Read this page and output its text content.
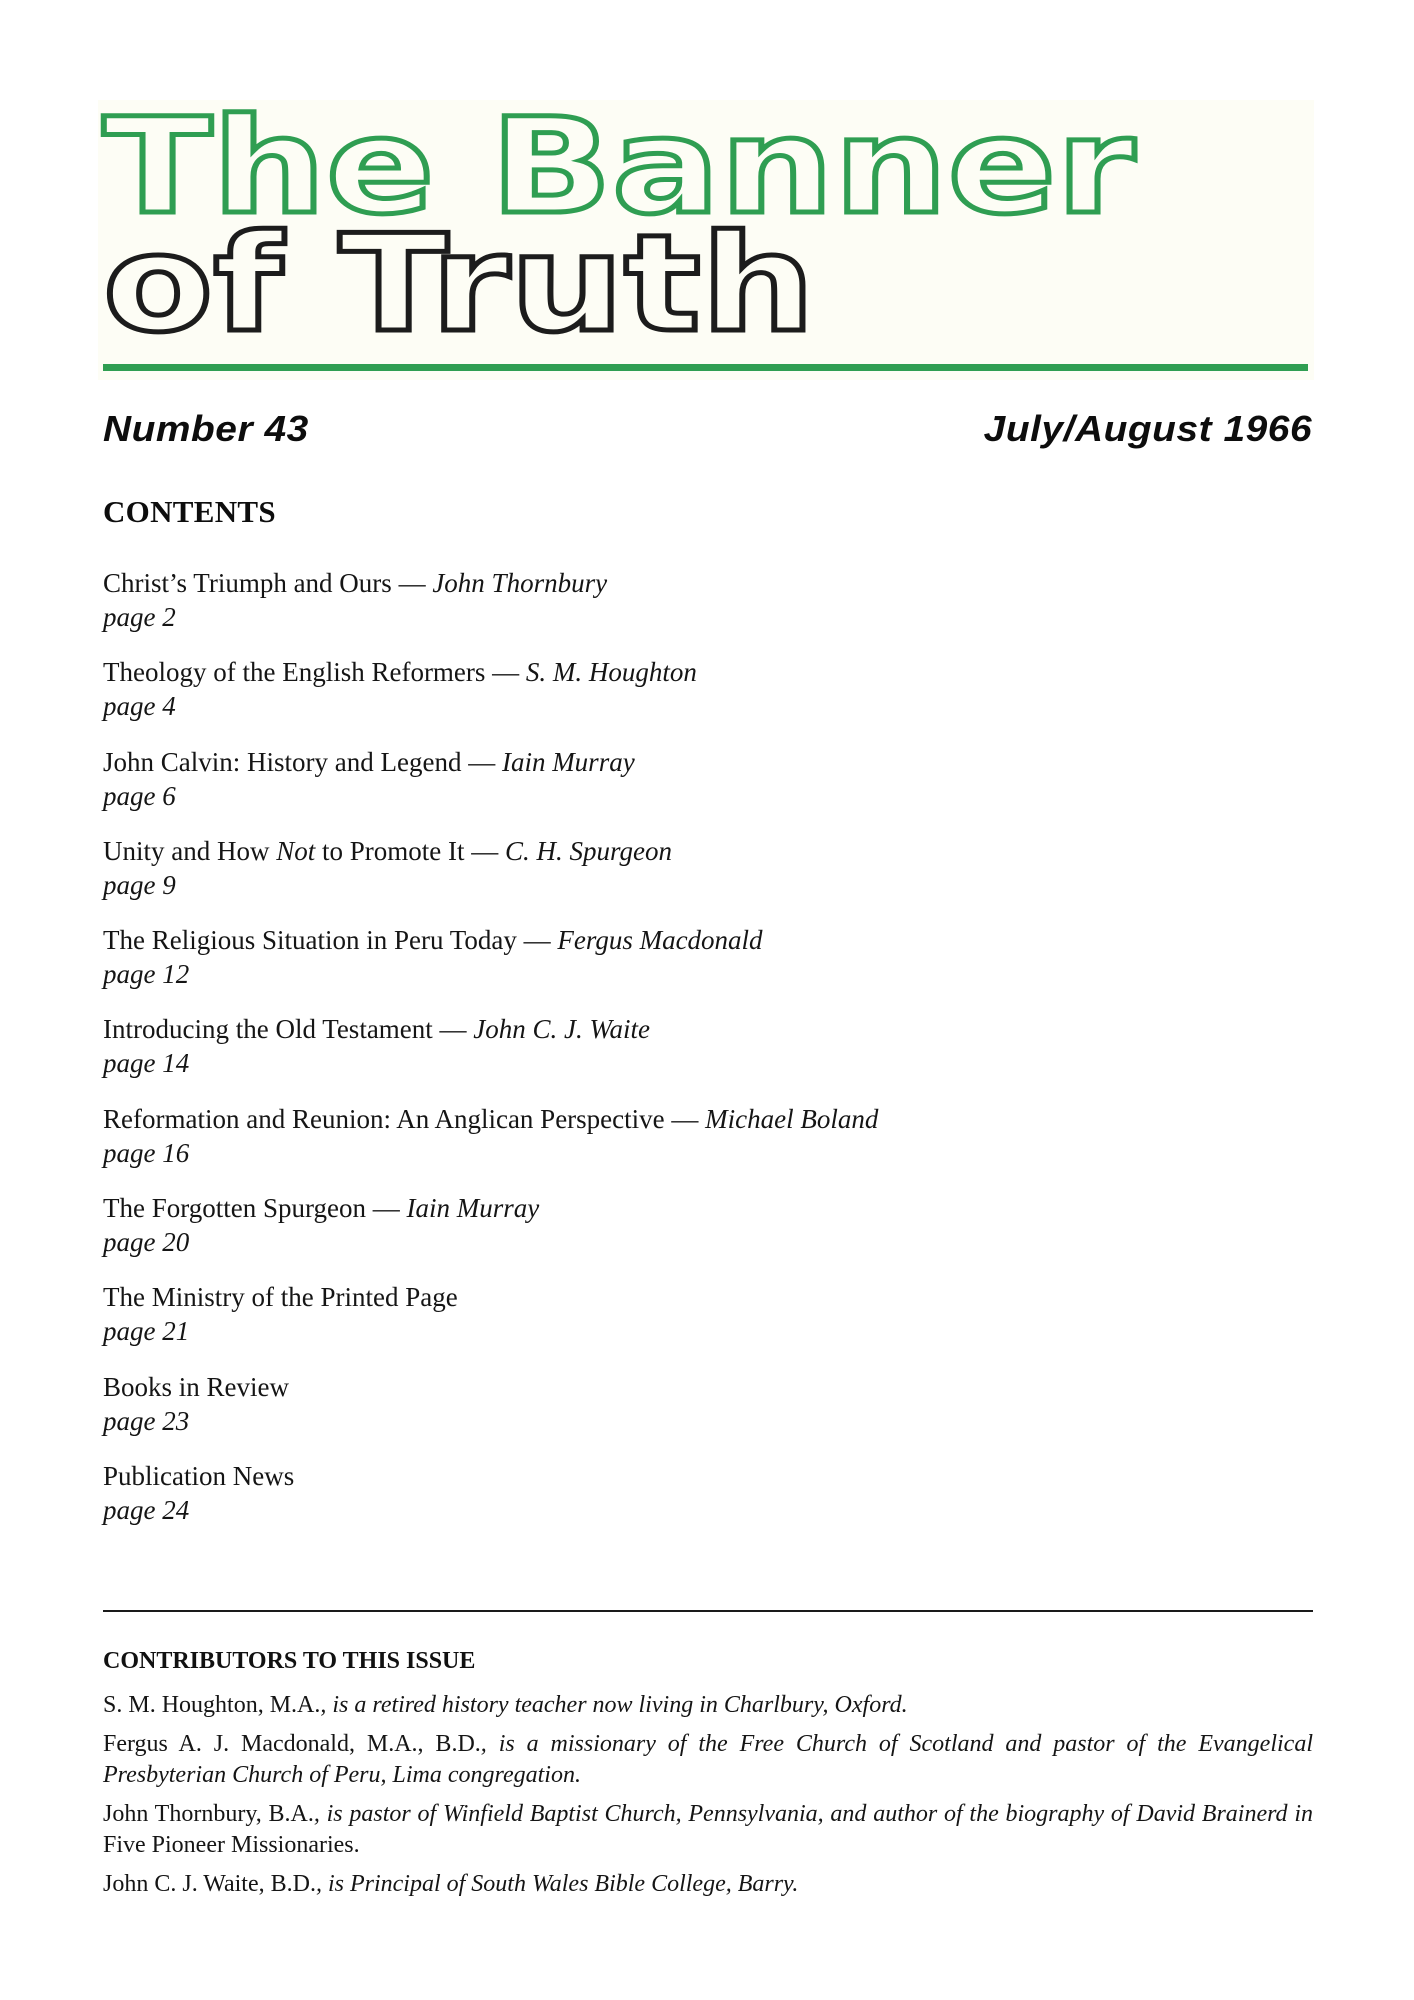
The Banner
of Truth
Number 43	July/August 1966
CONTENTS
Christ’s Triumph and Ours — John Thornbury
page 2
Theology of the English Reformers — S. M. Houghton
page 4
John Calvin: History and Legend — Iain Murray
page 6
Unity and How Not to Promote It — C. H. Spurgeon
page 9
The Religious Situation in Peru Today — Fergus Macdonald
page 12
Introducing the Old Testament — John C. J. Waite
page 14
Reformation and Reunion: An Anglican Perspective — Michael Boland
page 16
The Forgotten Spurgeon — Iain Murray
page 20
The Ministry of the Printed Page
page 21
Books in Review
page 23
Publication News
page 24
CONTRIBUTORS TO THIS ISSUE
S. M. Houghton, M.A., is a retired history teacher now living in Charlbury, Oxford.
Fergus A. J. Macdonald, M.A., B.D., is a missionary of the Free Church of Scotland and pastor of the Evangelical Presbyterian Church of Peru, Lima congregation.
John Thornbury, B.A., is pastor of Winfield Baptist Church, Pennsylvania, and author of the biography of David Brainerd in Five Pioneer Missionaries.
John C. J. Waite, B.D., is Principal of South Wales Bible College, Barry.
